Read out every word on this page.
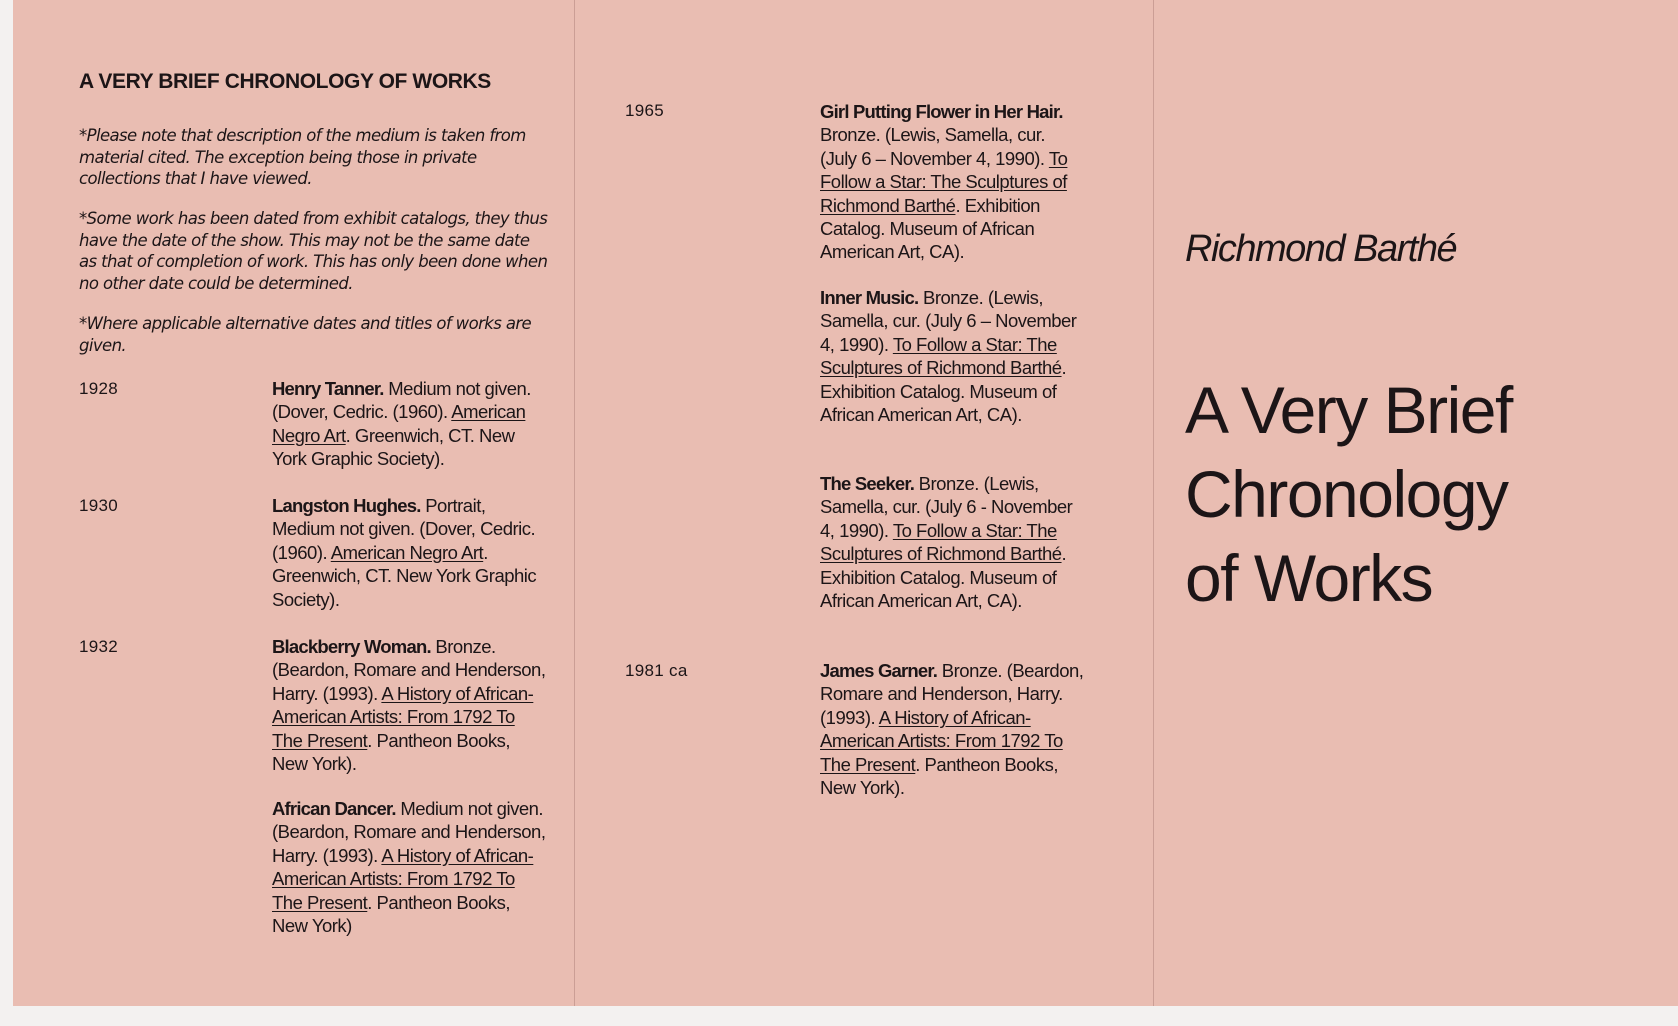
A VERY BRIEF CHRONOLOGY OF WORKS
*Please note that description of the medium is taken from material cited. The exception being those in private collections that I have viewed.
*Some work has been dated from exhibit catalogs, they thus have the date of the show. This may not be the same date as that of completion of work. This has only been done when no other date could be determined.
*Where applicable alternative dates and titles of works are given.
1928	Henry Tanner. Medium not given. (Dover, Cedric. (1960). American Negro Art. Greenwich, CT. New York Graphic Society).
1930	Langston Hughes. Portrait, Medium not given. (Dover, Cedric. (1960). American Negro Art. Greenwich, CT. New York Graphic Society).
1932	Blackberry Woman. Bronze. (Beardon, Romare and Henderson, Harry. (1993). A History of African-American Artists: From 1792 To The Present. Pantheon Books, New York).
African Dancer. Medium not given. (Beardon, Romare and Henderson, Harry. (1993). A History of African-American Artists: From 1792 To The Present. Pantheon Books, New York)
1965	Girl Putting Flower in Her Hair. Bronze. (Lewis, Samella, cur. (July 6 – November 4, 1990). To Follow a Star: The Sculptures of Richmond Barthé. Exhibition Catalog. Museum of African American Art, CA).
Inner Music. Bronze. (Lewis, Samella, cur. (July 6 – November 4, 1990). To Follow a Star: The Sculptures of Richmond Barthé. Exhibition Catalog. Museum of African American Art, CA).
The Seeker. Bronze. (Lewis, Samella, cur. (July 6 - November 4, 1990). To Follow a Star: The Sculptures of Richmond Barthé. Exhibition Catalog. Museum of African American Art, CA).
1981 ca	James Garner. Bronze. (Beardon, Romare and Henderson, Harry. (1993). A History of African-American Artists: From 1792 To The Present. Pantheon Books, New York).
Richmond Barthé
A Very Brief
Chronology
of Works
